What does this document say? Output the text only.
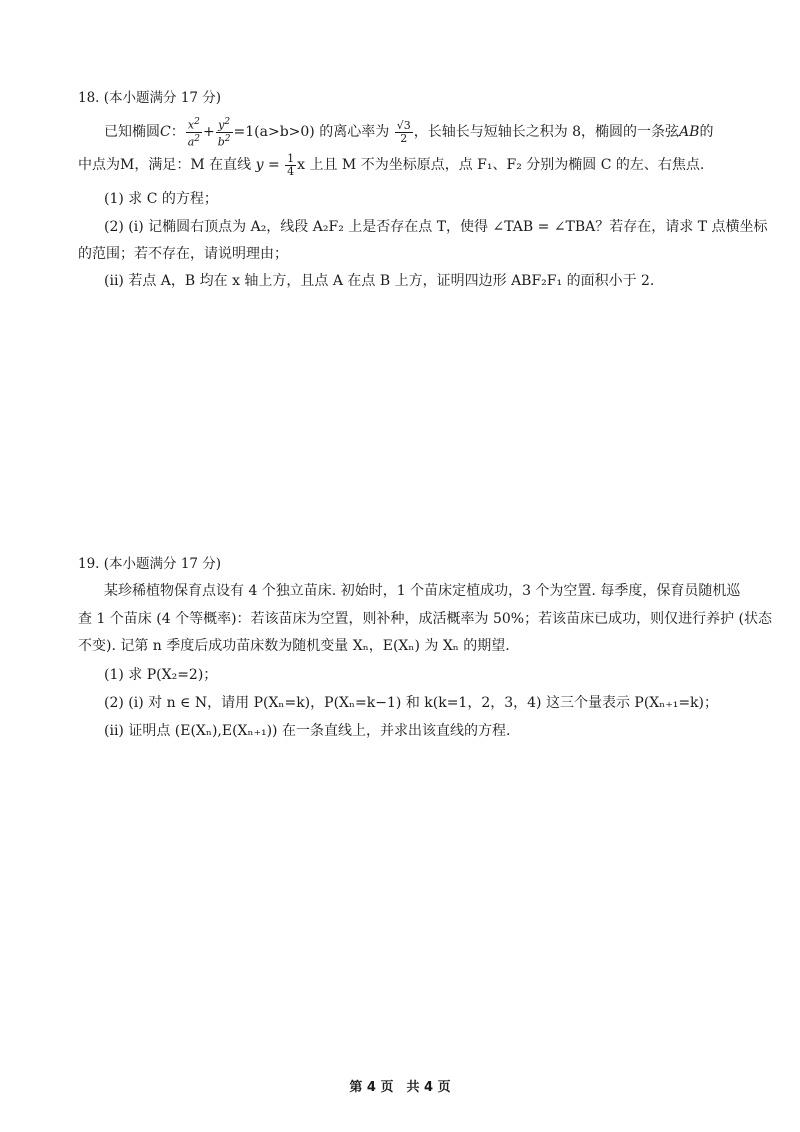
18. (本小题满分 17 分)
已知椭圆C： $\frac{x^2}{a^2} + \frac{y^2}{b^2} =1(a>b>0)$ 的离心率为 $\frac{√3}{2}$ ，长轴长与短轴长之积为 8，椭圆的一条弦AB的
中点为M，满足：M 在直线 $y = \frac{1}{4}$ x 上且 M 不为坐标原点，点 F₁、F₂ 分别为椭圆 C 的左、右焦点.
(1) 求 C 的方程；
(2) (i) 记椭圆右顶点为 A₂，线段 A₂F₂ 上是否存在点 T，使得 ∠TAB = ∠TBA？若存在，请求 T 点横坐标
的范围；若不存在，请说明理由；
(ii) 若点 A，B 均在 x 轴上方，且点 A 在点 B 上方，证明四边形 ABF₂F₁ 的面积小于 2.
19. (本小题满分 17 分)
某珍稀植物保育点设有 4 个独立苗床. 初始时，1 个苗床定植成功，3 个为空置. 每季度，保育员随机巡
查 1 个苗床 (4 个等概率)：若该苗床为空置，则补种，成活概率为 50%；若该苗床已成功，则仅进行养护 (状态
不变). 记第 n 季度后成功苗床数为随机变量 Xₙ，E(Xₙ) 为 Xₙ 的期望.
(1) 求 P(X₂=2)；
(2) (i) 对 n ∈ N，请用 P(Xₙ=k)，P(Xₙ=k−1) 和 k(k=1，2，3，4) 这三个量表示 P(Xₙ₊₁=k)；
(ii) 证明点 (E(Xₙ),E(Xₙ₊₁)) 在一条直线上，并求出该直线的方程.
第 4 页　共 4 页
